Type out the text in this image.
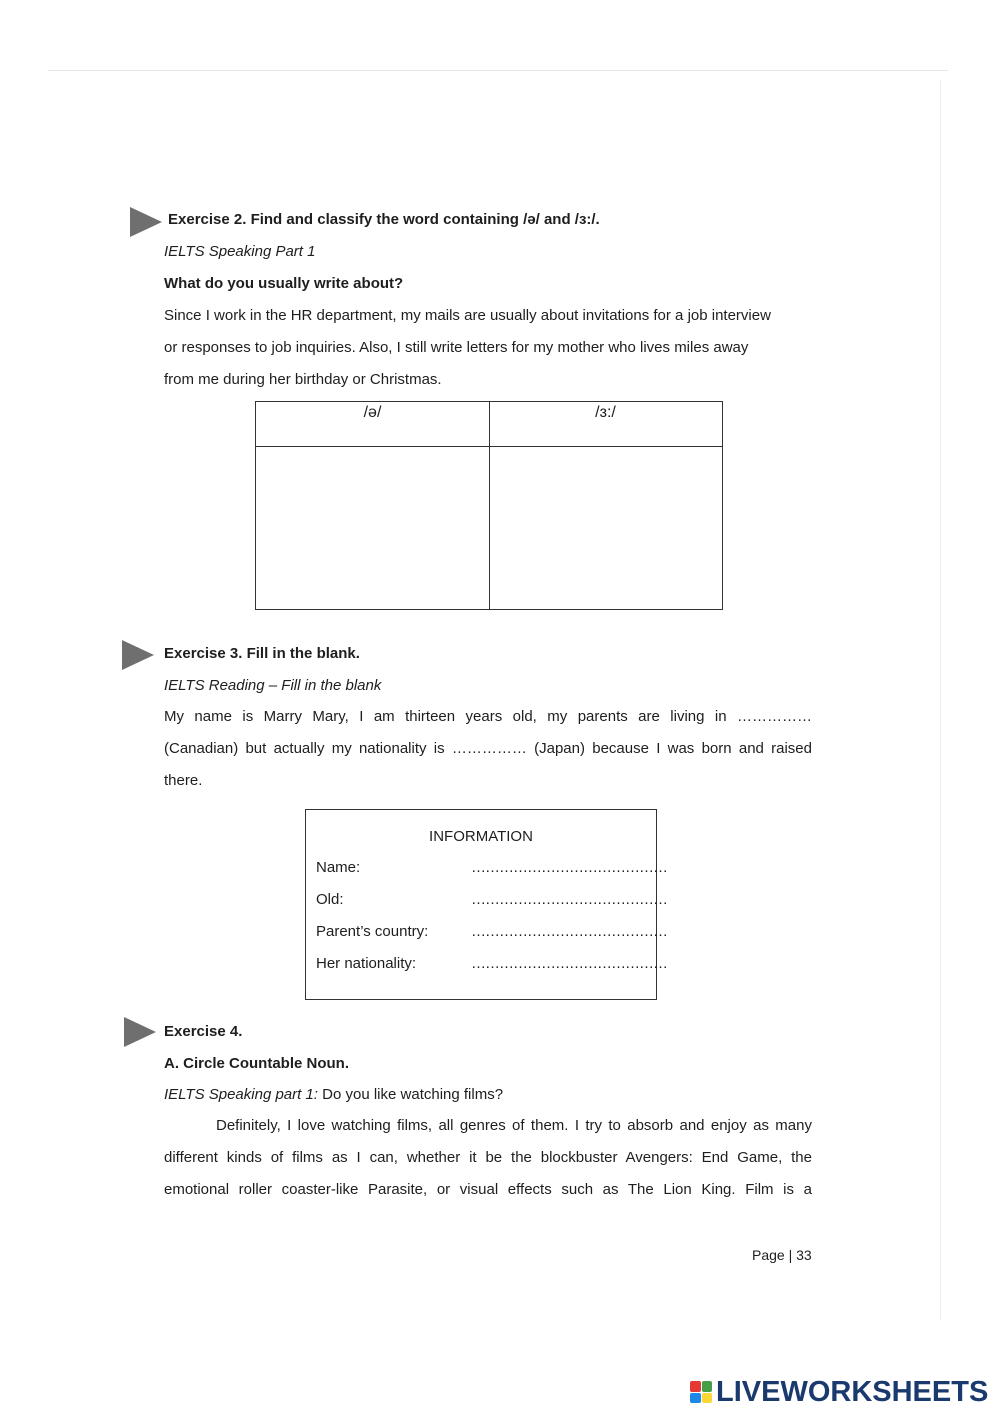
Exercise 2. Find and classify the word containing /ə/ and /ɜ:/.
IELTS Speaking Part 1
What do you usually write about?
Since I work in the HR department, my mails are usually about invitations for a job interview
or responses to job inquiries. Also, I still write letters for my mother who lives miles away
from me during her birthday or Christmas.
/ə/	/ɜ:/
Exercise 3. Fill in the blank.
IELTS Reading – Fill in the blank
My name is Marry Mary, I am thirteen years old, my parents are living in ……………
(Canadian) but actually my nationality is …………… (Japan) because I was born and raised
there.
INFORMATION
Name:	……………………………………
Old:	……………………………………
Parent’s country:	……………………………………
Her nationality:	……………………………………
Exercise 4.
A. Circle Countable Noun.
IELTS Speaking part 1: Do you like watching films?
Definitely, I love watching films, all genres of them. I try to absorb and enjoy as many
different kinds of films as I can, whether it be the blockbuster Avengers: End Game, the
emotional roller coaster-like Parasite, or visual effects such as The Lion King. Film is a
Page | 33
LIVEWORKSHEETS
